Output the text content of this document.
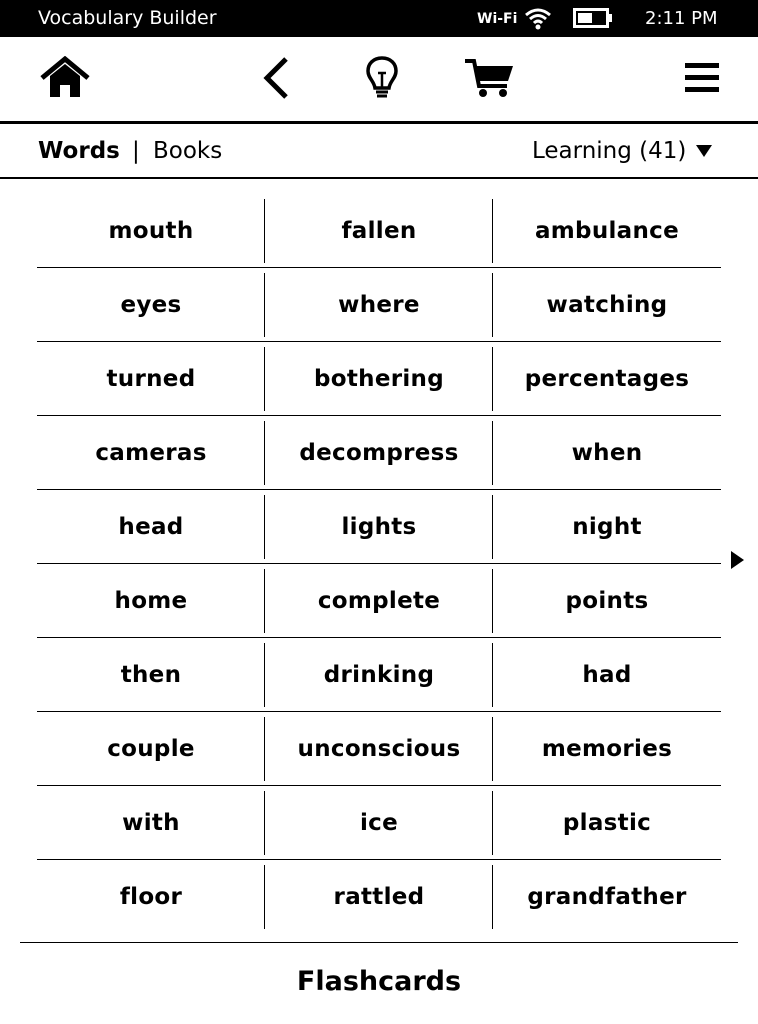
Vocabulary Builder	Wi-Fi	2:11 PM
Words | Books	Learning (41)
mouth	fallen	ambulance
eyes	where	watching
turned	bothering	percentages
cameras	decompress	when
head	lights	night
home	complete	points
then	drinking	had
couple	unconscious	memories
with	ice	plastic
floor	rattled	grandfather
Flashcards
